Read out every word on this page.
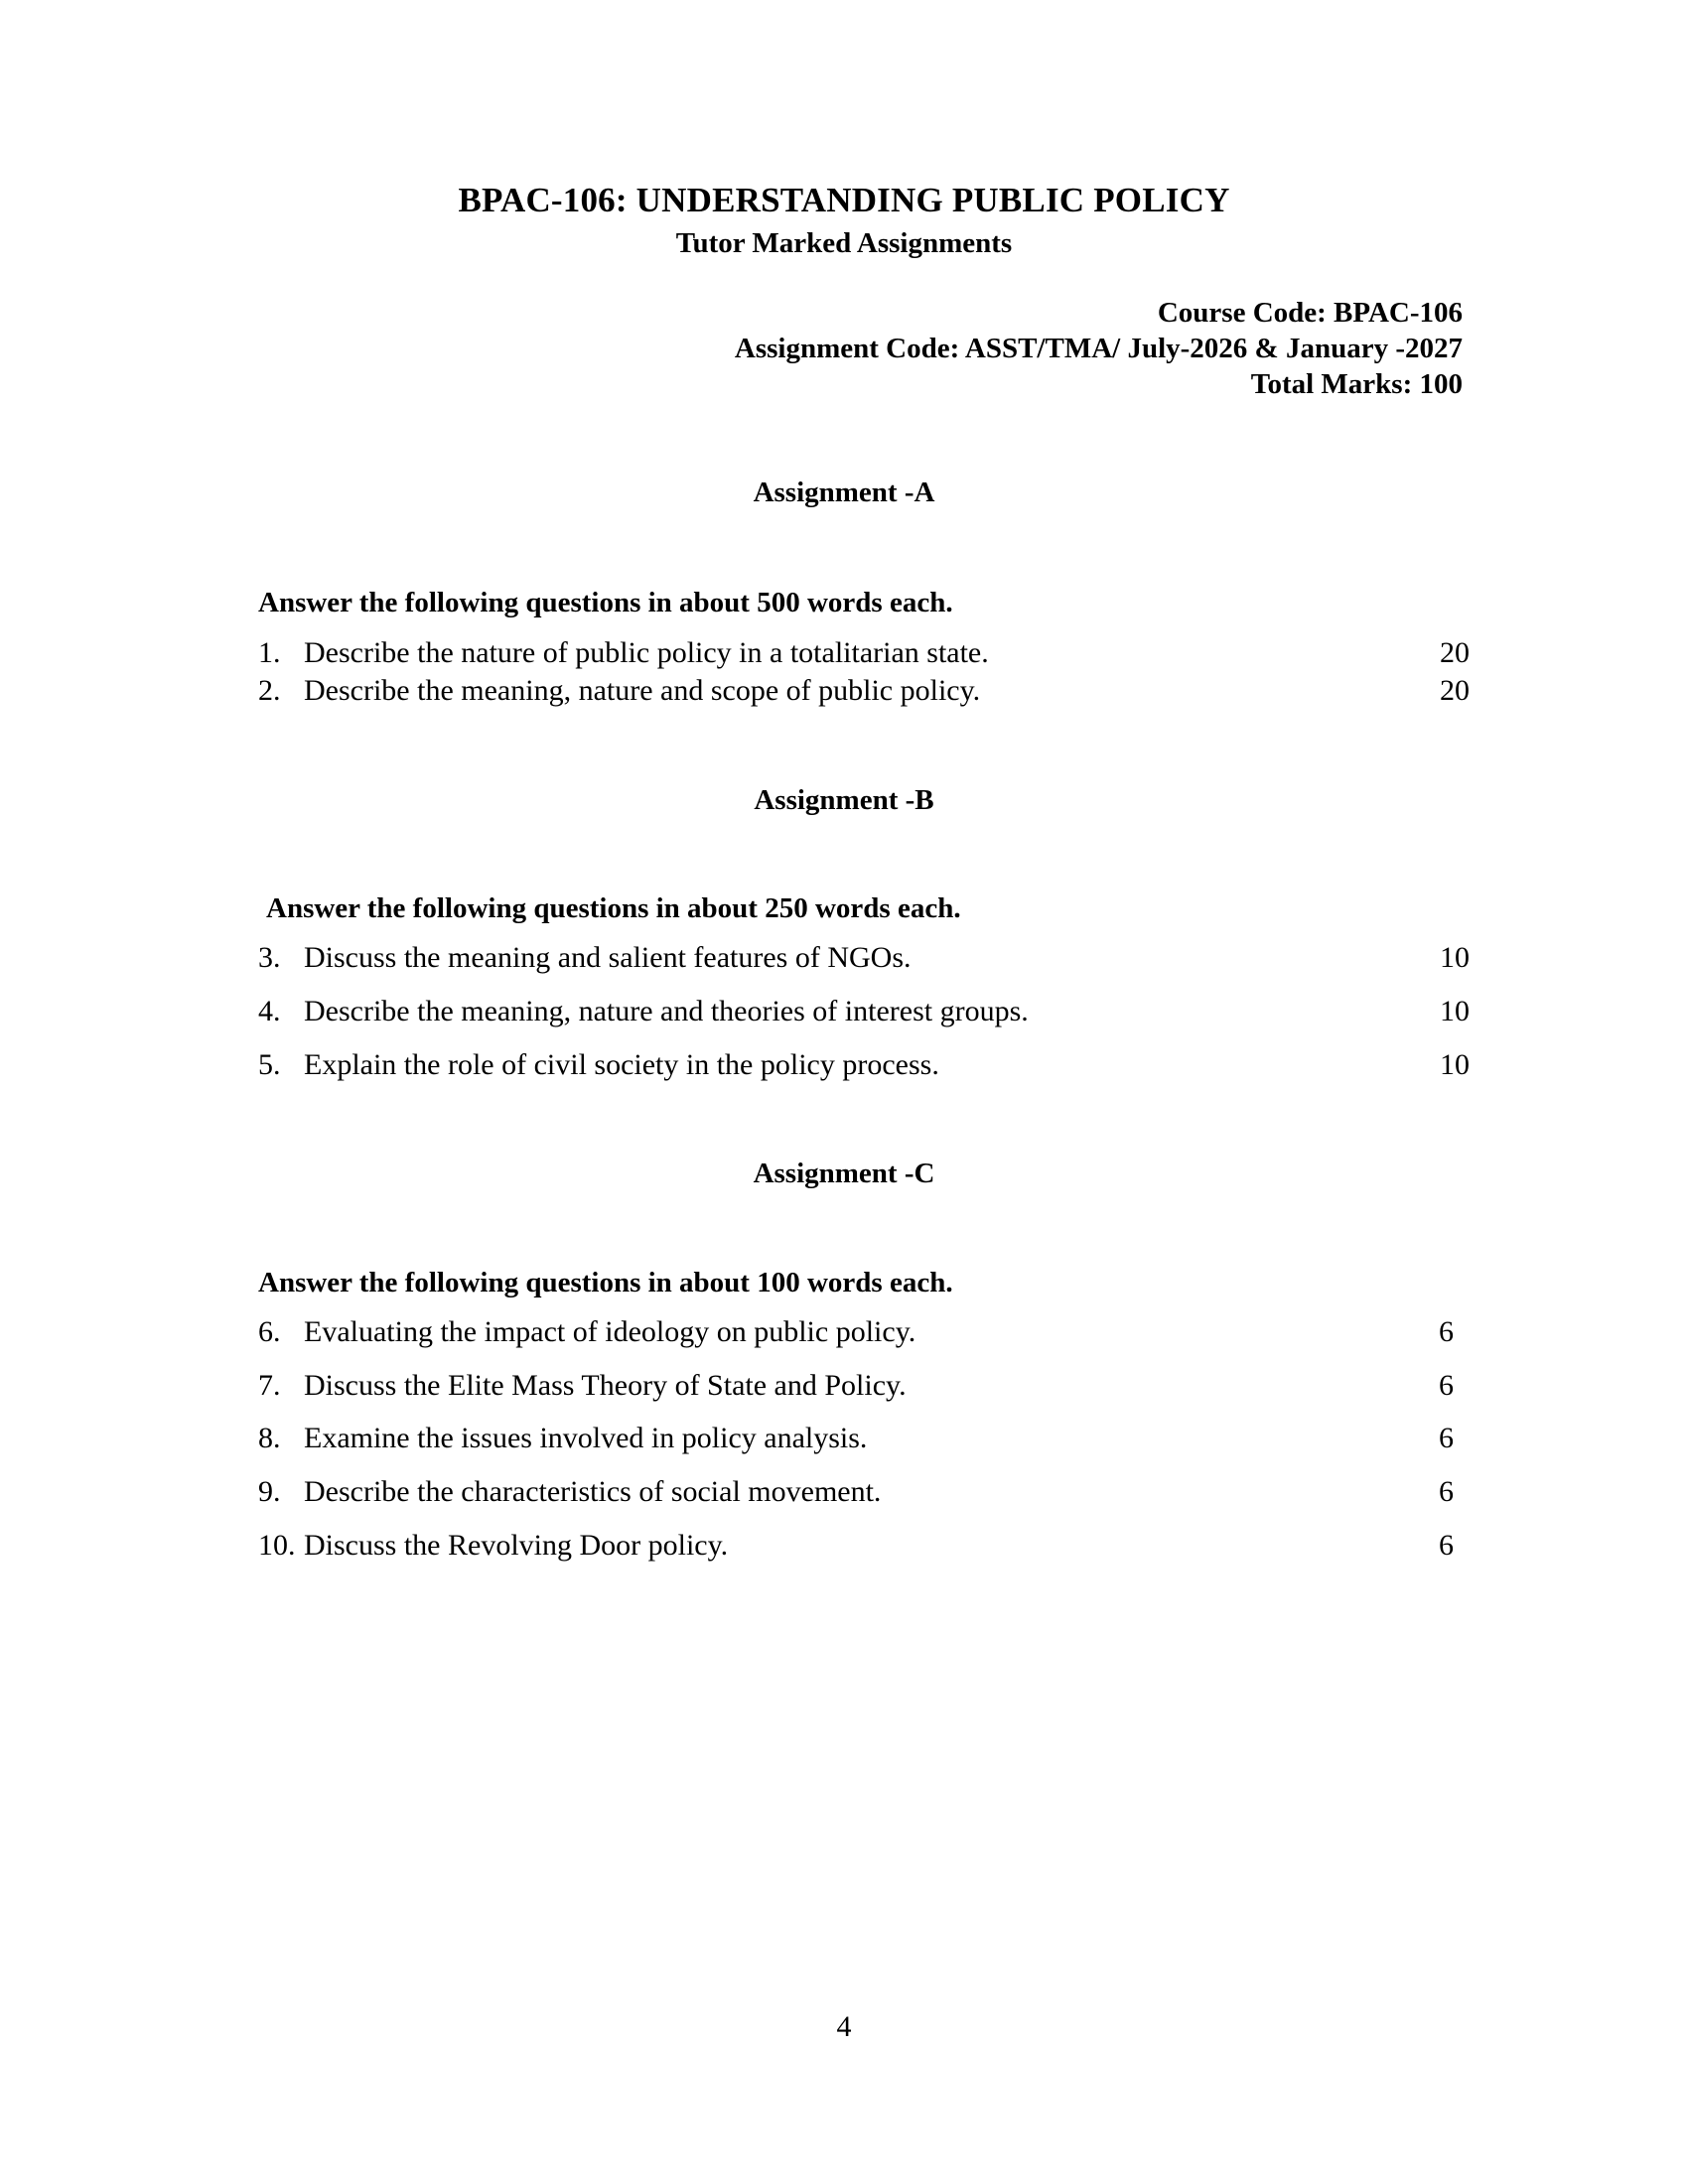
BPAC-106: UNDERSTANDING PUBLIC POLICY
Tutor Marked Assignments
Course Code: BPAC-106
Assignment Code: ASST/TMA/ July-2026 & January -2027
Total Marks: 100
Assignment -A
Answer the following questions in about 500 words each.
1. Describe the nature of public policy in a totalitarian state.	20
2. Describe the meaning, nature and scope of public policy.	20
Assignment -B
Answer the following questions in about 250 words each.
3. Discuss the meaning and salient features of NGOs.	10
4. Describe the meaning, nature and theories of interest groups.	10
5. Explain the role of civil society in the policy process.	10
Assignment -C
Answer the following questions in about 100 words each.
6. Evaluating the impact of ideology on public policy.	6
7. Discuss the Elite Mass Theory of State and Policy.	6
8. Examine the issues involved in policy analysis.	6
9. Describe the characteristics of social movement.	6
10. Discuss the Revolving Door policy.	6
4
